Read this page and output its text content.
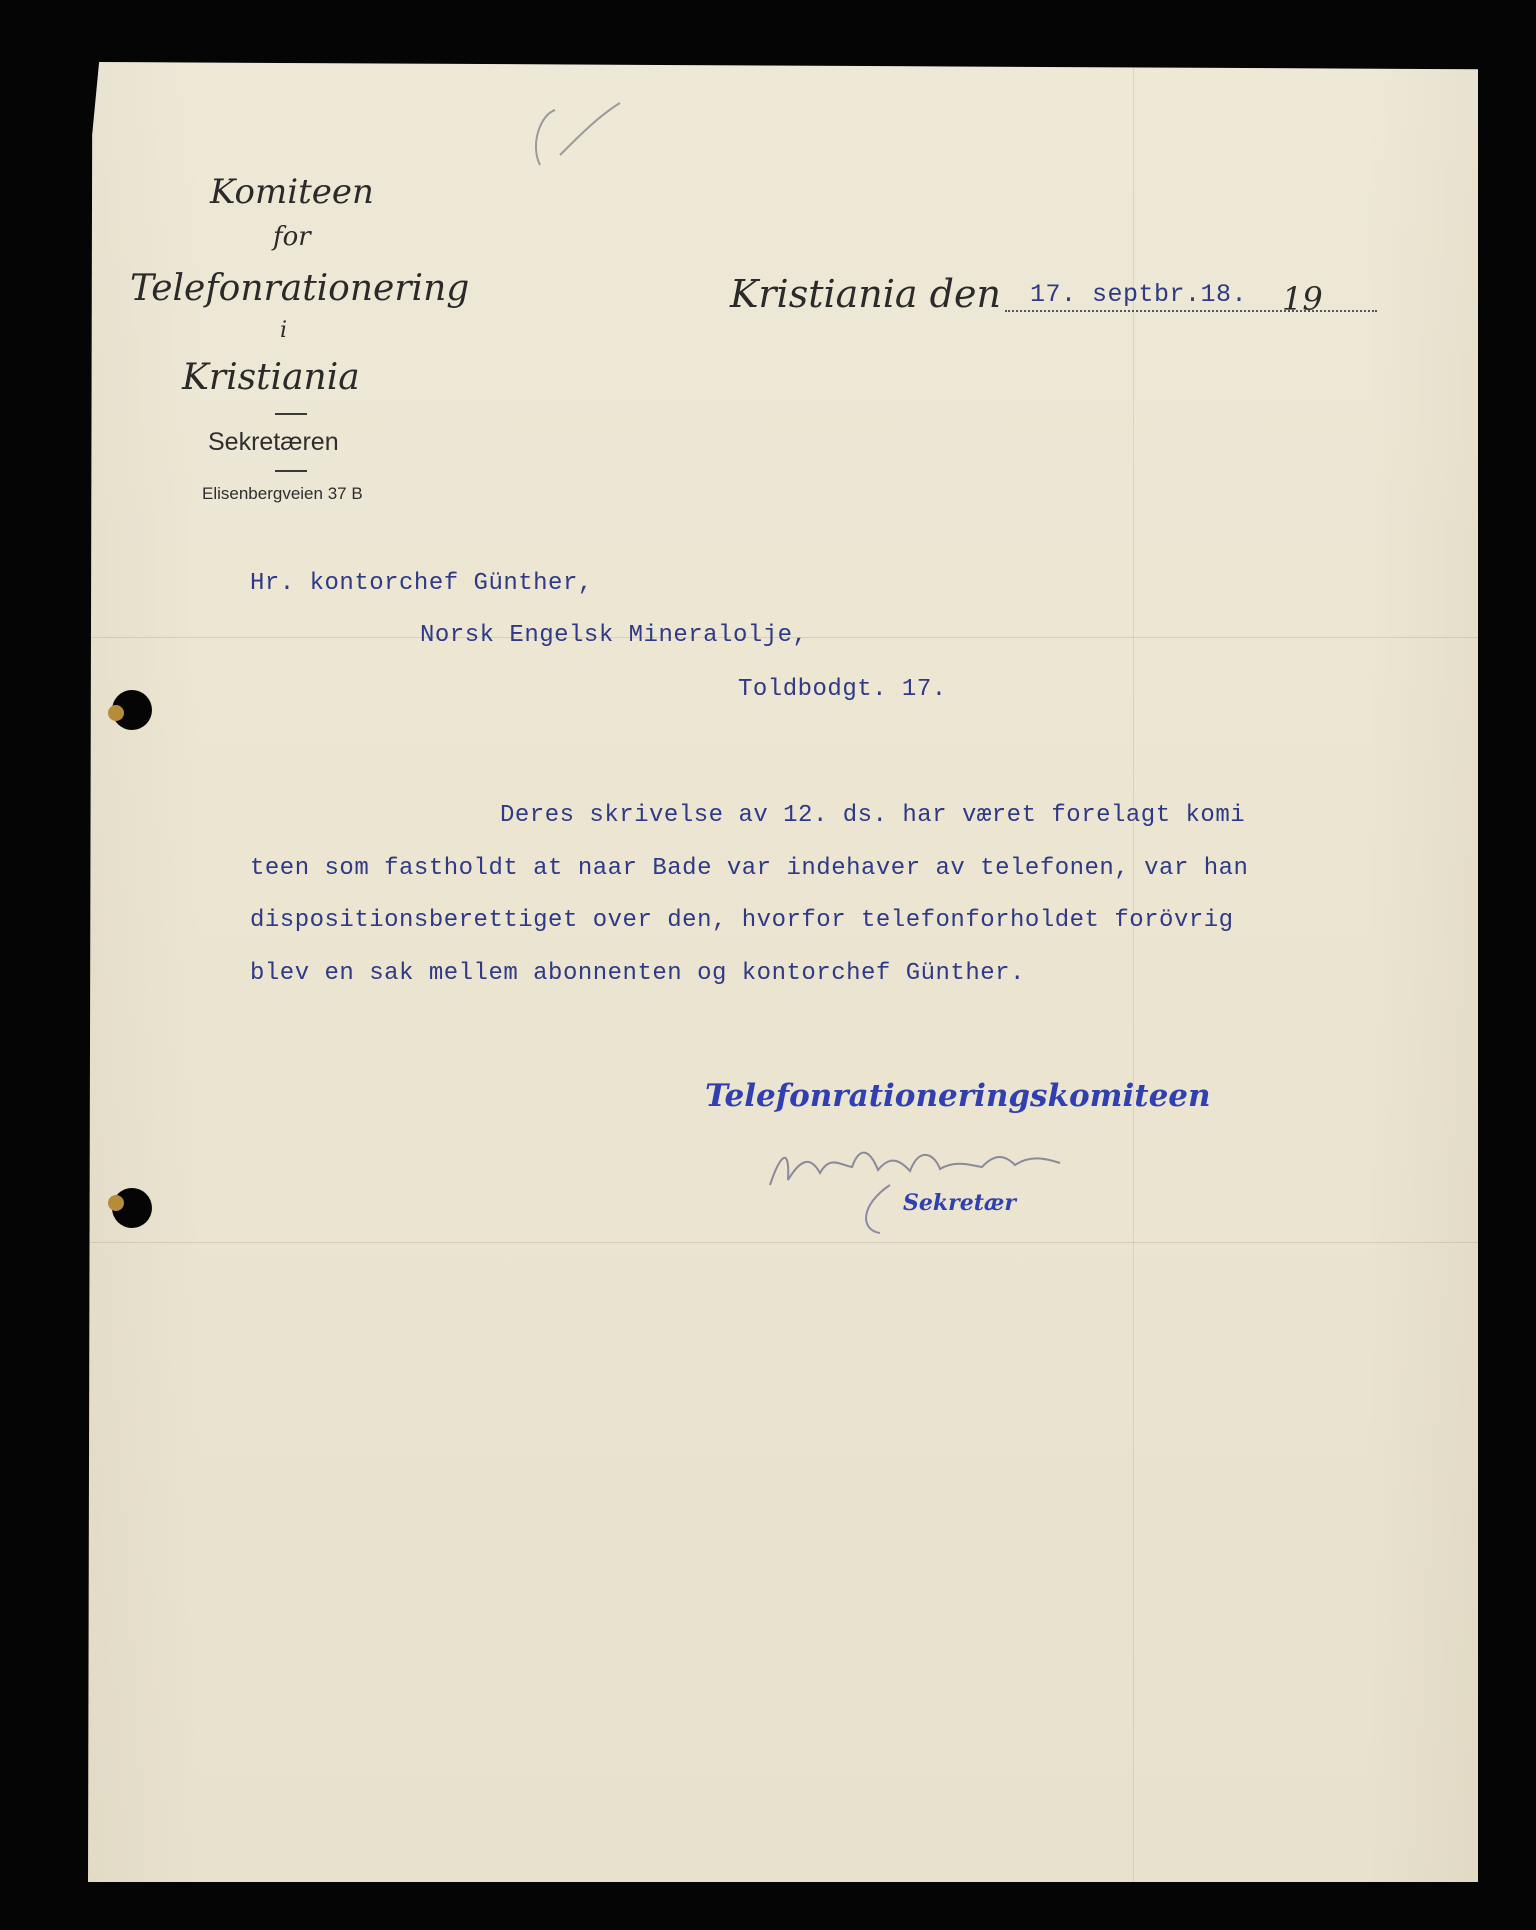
Komiteen
for
Telefonrationering
i
Kristiania
Sekretæren
Elisenbergveien 37 B
Kristiania den 17. septbr.18. 19
Hr. kontorchef Günther,
Norsk Engelsk Mineralolje,
Toldbodgt. 17.
Deres skrivelse av 12. ds. har været forelagt komi
teen som fastholdt at naar Bade var indehaver av telefonen, var han
dispositionsberettiget over den, hvorfor telefonforholdet forövrig
blev en sak mellem abonnenten og kontorchef Günther.
Telefonrationeringskomiteen
Sekretær
